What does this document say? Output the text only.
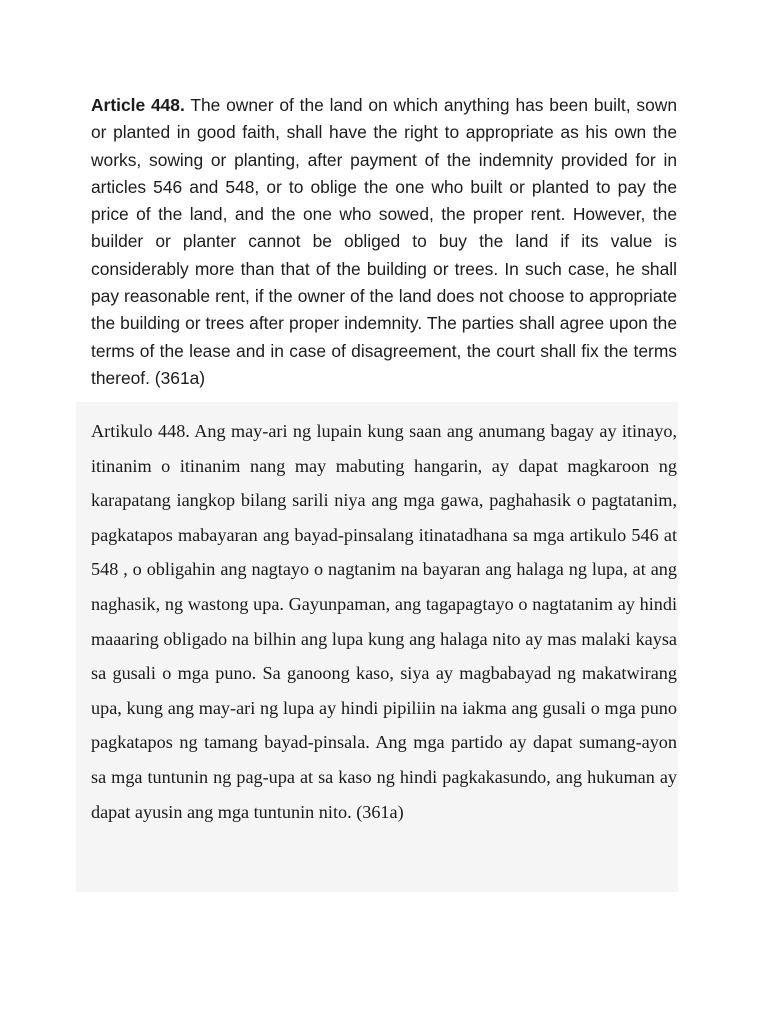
Article 448. The owner of the land on which anything has been built, sown or planted in good faith, shall have the right to appropriate as his own the works, sowing or planting, after payment of the indemnity provided for in articles 546 and 548, or to oblige the one who built or planted to pay the price of the land, and the one who sowed, the proper rent. However, the builder or planter cannot be obliged to buy the land if its value is considerably more than that of the building or trees. In such case, he shall pay reasonable rent, if the owner of the land does not choose to appropriate the building or trees after proper indemnity. The parties shall agree upon the terms of the lease and in case of disagreement, the court shall fix the terms thereof. (361a)

Artikulo 448. Ang may-ari ng lupain kung saan ang anumang bagay ay itinayo, itinanim o itinanim nang may mabuting hangarin, ay dapat magkaroon ng karapatang iangkop bilang sarili niya ang mga gawa, paghahasik o pagtatanim, pagkatapos mabayaran ang bayad-pinsalang itinatadhana sa mga artikulo 546 at 548 , o obligahin ang nagtayo o nagtanim na bayaran ang halaga ng lupa, at ang naghasik, ng wastong upa. Gayunpaman, ang tagapagtayo o nagtatanim ay hindi maaaring obligado na bilhin ang lupa kung ang halaga nito ay mas malaki kaysa sa gusali o mga puno. Sa ganoong kaso, siya ay magbabayad ng makatwirang upa, kung ang may-ari ng lupa ay hindi pipiliin na iakma ang gusali o mga puno pagkatapos ng tamang bayad-pinsala. Ang mga partido ay dapat sumang-ayon sa mga tuntunin ng pag-upa at sa kaso ng hindi pagkakasundo, ang hukuman ay dapat ayusin ang mga tuntunin nito. (361a)
